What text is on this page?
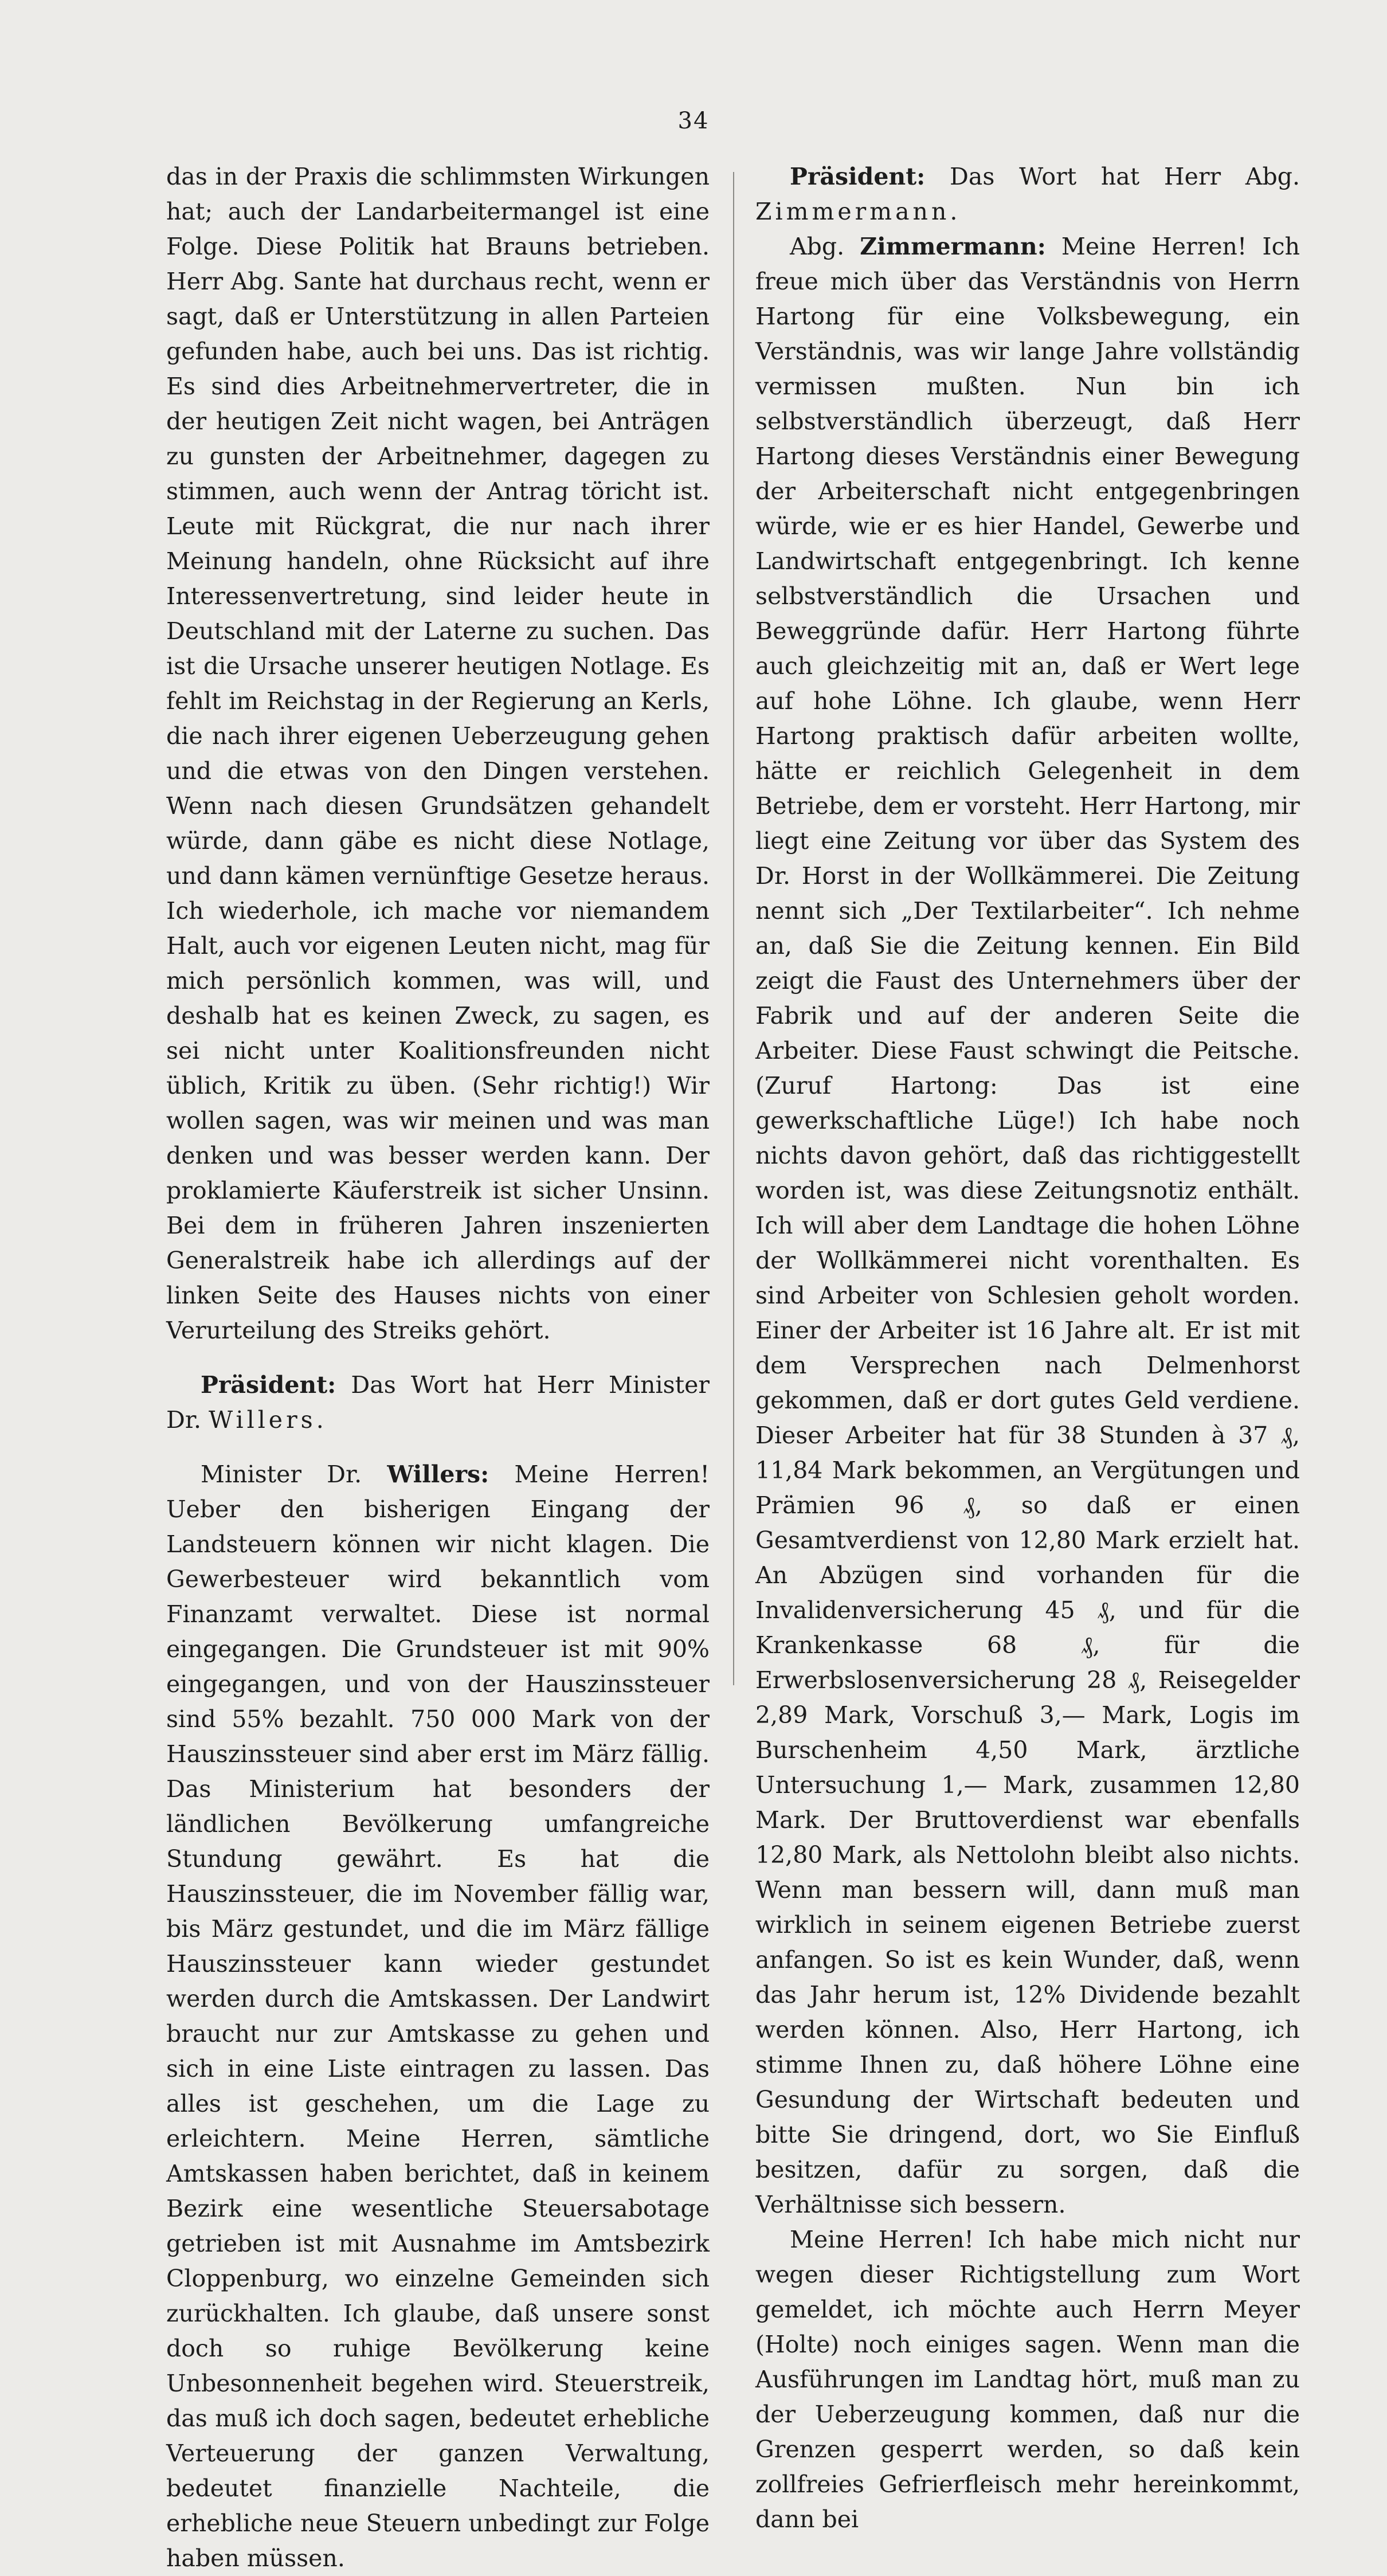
34

das in der Praxis die schlimmsten Wirkungen hat; auch der Landarbeitermangel ist eine Folge. Diese Politik hat Brauns betrieben. Herr Abg. Sante hat durchaus recht, wenn er sagt, daß er Unterstützung in allen Parteien gefunden habe, auch bei uns. Das ist richtig. Es sind dies Arbeitnehmervertreter, die in der heutigen Zeit nicht wagen, bei Anträgen zu gunsten der Arbeitnehmer, dagegen zu stimmen, auch wenn der Antrag töricht ist. Leute mit Rückgrat, die nur nach ihrer Meinung handeln, ohne Rücksicht auf ihre Interessenvertretung, sind leider heute in Deutschland mit der Laterne zu suchen. Das ist die Ursache unserer heutigen Notlage. Es fehlt im Reichstag in der Regierung an Kerls, die nach ihrer eigenen Ueberzeugung gehen und die etwas von den Dingen verstehen. Wenn nach diesen Grundsätzen gehandelt würde, dann gäbe es nicht diese Notlage, und dann kämen vernünftige Gesetze heraus. Ich wiederhole, ich mache vor niemandem Halt, auch vor eigenen Leuten nicht, mag für mich persönlich kommen, was will, und deshalb hat es keinen Zweck, zu sagen, es sei nicht unter Koalitionsfreunden nicht üblich, Kritik zu üben. (Sehr richtig!) Wir wollen sagen, was wir meinen und was man denken und was besser werden kann. Der proklamierte Käuferstreik ist sicher Unsinn. Bei dem in früheren Jahren inszenierten Generalstreik habe ich allerdings auf der linken Seite des Hauses nichts von einer Verurteilung des Streiks gehört.

Präsident: Das Wort hat Herr Minister Dr. Willers.

Minister Dr. Willers: Meine Herren! Ueber den bisherigen Eingang der Landsteuern können wir nicht klagen. Die Gewerbesteuer wird bekanntlich vom Finanzamt verwaltet. Diese ist normal eingegangen. Die Grundsteuer ist mit 90% eingegangen, und von der Hauszinssteuer sind 55% bezahlt. 750 000 Mark von der Hauszinssteuer sind aber erst im März fällig. Das Ministerium hat besonders der ländlichen Bevölkerung umfangreiche Stundung gewährt. Es hat die Hauszinssteuer, die im November fällig war, bis März gestundet, und die im März fällige Hauszinssteuer kann wieder gestundet werden durch die Amtskassen. Der Landwirt braucht nur zur Amtskasse zu gehen und sich in eine Liste eintragen zu lassen. Das alles ist geschehen, um die Lage zu erleichtern. Meine Herren, sämtliche Amtskassen haben berichtet, daß in keinem Bezirk eine wesentliche Steuersabotage getrieben ist mit Ausnahme im Amtsbezirk Cloppenburg, wo einzelne Gemeinden sich zurückhalten. Ich glaube, daß unsere sonst doch so ruhige Bevölkerung keine Unbesonnenheit begehen wird. Steuerstreik, das muß ich doch sagen, bedeutet erhebliche Verteuerung der ganzen Verwaltung, bedeutet finanzielle Nachteile, die erhebliche neue Steuern unbedingt zur Folge haben müssen.

Präsident: Das Wort hat Herr Abg. Zimmermann.

Abg. Zimmermann: Meine Herren! Ich freue mich über das Verständnis von Herrn Hartong für eine Volksbewegung, ein Verständnis, was wir lange Jahre vollständig vermissen mußten. Nun bin ich selbstverständlich überzeugt, daß Herr Hartong dieses Verständnis einer Bewegung der Arbeiterschaft nicht entgegenbringen würde, wie er es hier Handel, Gewerbe und Landwirtschaft entgegenbringt. Ich kenne selbstverständlich die Ursachen und Beweggründe dafür. Herr Hartong führte auch gleichzeitig mit an, daß er Wert lege auf hohe Löhne. Ich glaube, wenn Herr Hartong praktisch dafür arbeiten wollte, hätte er reichlich Gelegenheit in dem Betriebe, dem er vorsteht. Herr Hartong, mir liegt eine Zeitung vor über das System des Dr. Horst in der Wollkämmerei. Die Zeitung nennt sich „Der Textilarbeiter“. Ich nehme an, daß Sie die Zeitung kennen. Ein Bild zeigt die Faust des Unternehmers über der Fabrik und auf der anderen Seite die Arbeiter. Diese Faust schwingt die Peitsche. (Zuruf Hartong: Das ist eine gewerkschaftliche Lüge!) Ich habe noch nichts davon gehört, daß das richtiggestellt worden ist, was diese Zeitungsnotiz enthält. Ich will aber dem Landtage die hohen Löhne der Wollkämmerei nicht vorenthalten. Es sind Arbeiter von Schlesien geholt worden. Einer der Arbeiter ist 16 Jahre alt. Er ist mit dem Versprechen nach Delmenhorst gekommen, daß er dort gutes Geld verdiene. Dieser Arbeiter hat für 38 Stunden à 37 ₰, 11,84 Mark bekommen, an Vergütungen und Prämien 96 ₰, so daß er einen Gesamtverdienst von 12,80 Mark erzielt hat. An Abzügen sind vorhanden für die Invalidenversicherung 45 ₰, und für die Krankenkasse 68 ₰, für die Erwerbslosenversicherung 28 ₰, Reisegelder 2,89 Mark, Vorschuß 3,— Mark, Logis im Burschenheim 4,50 Mark, ärztliche Untersuchung 1,— Mark, zusammen 12,80 Mark. Der Bruttoverdienst war ebenfalls 12,80 Mark, als Nettolohn bleibt also nichts. Wenn man bessern will, dann muß man wirklich in seinem eigenen Betriebe zuerst anfangen. So ist es kein Wunder, daß, wenn das Jahr herum ist, 12% Dividende bezahlt werden können. Also, Herr Hartong, ich stimme Ihnen zu, daß höhere Löhne eine Gesundung der Wirtschaft bedeuten und bitte Sie dringend, dort, wo Sie Einfluß besitzen, dafür zu sorgen, daß die Verhältnisse sich bessern.

Meine Herren! Ich habe mich nicht nur wegen dieser Richtigstellung zum Wort gemeldet, ich möchte auch Herrn Meyer (Holte) noch einiges sagen. Wenn man die Ausführungen im Landtag hört, muß man zu der Ueberzeugung kommen, daß nur die Grenzen gesperrt werden, so daß kein zollfreies Gefrierfleisch mehr hereinkommt, dann bei
